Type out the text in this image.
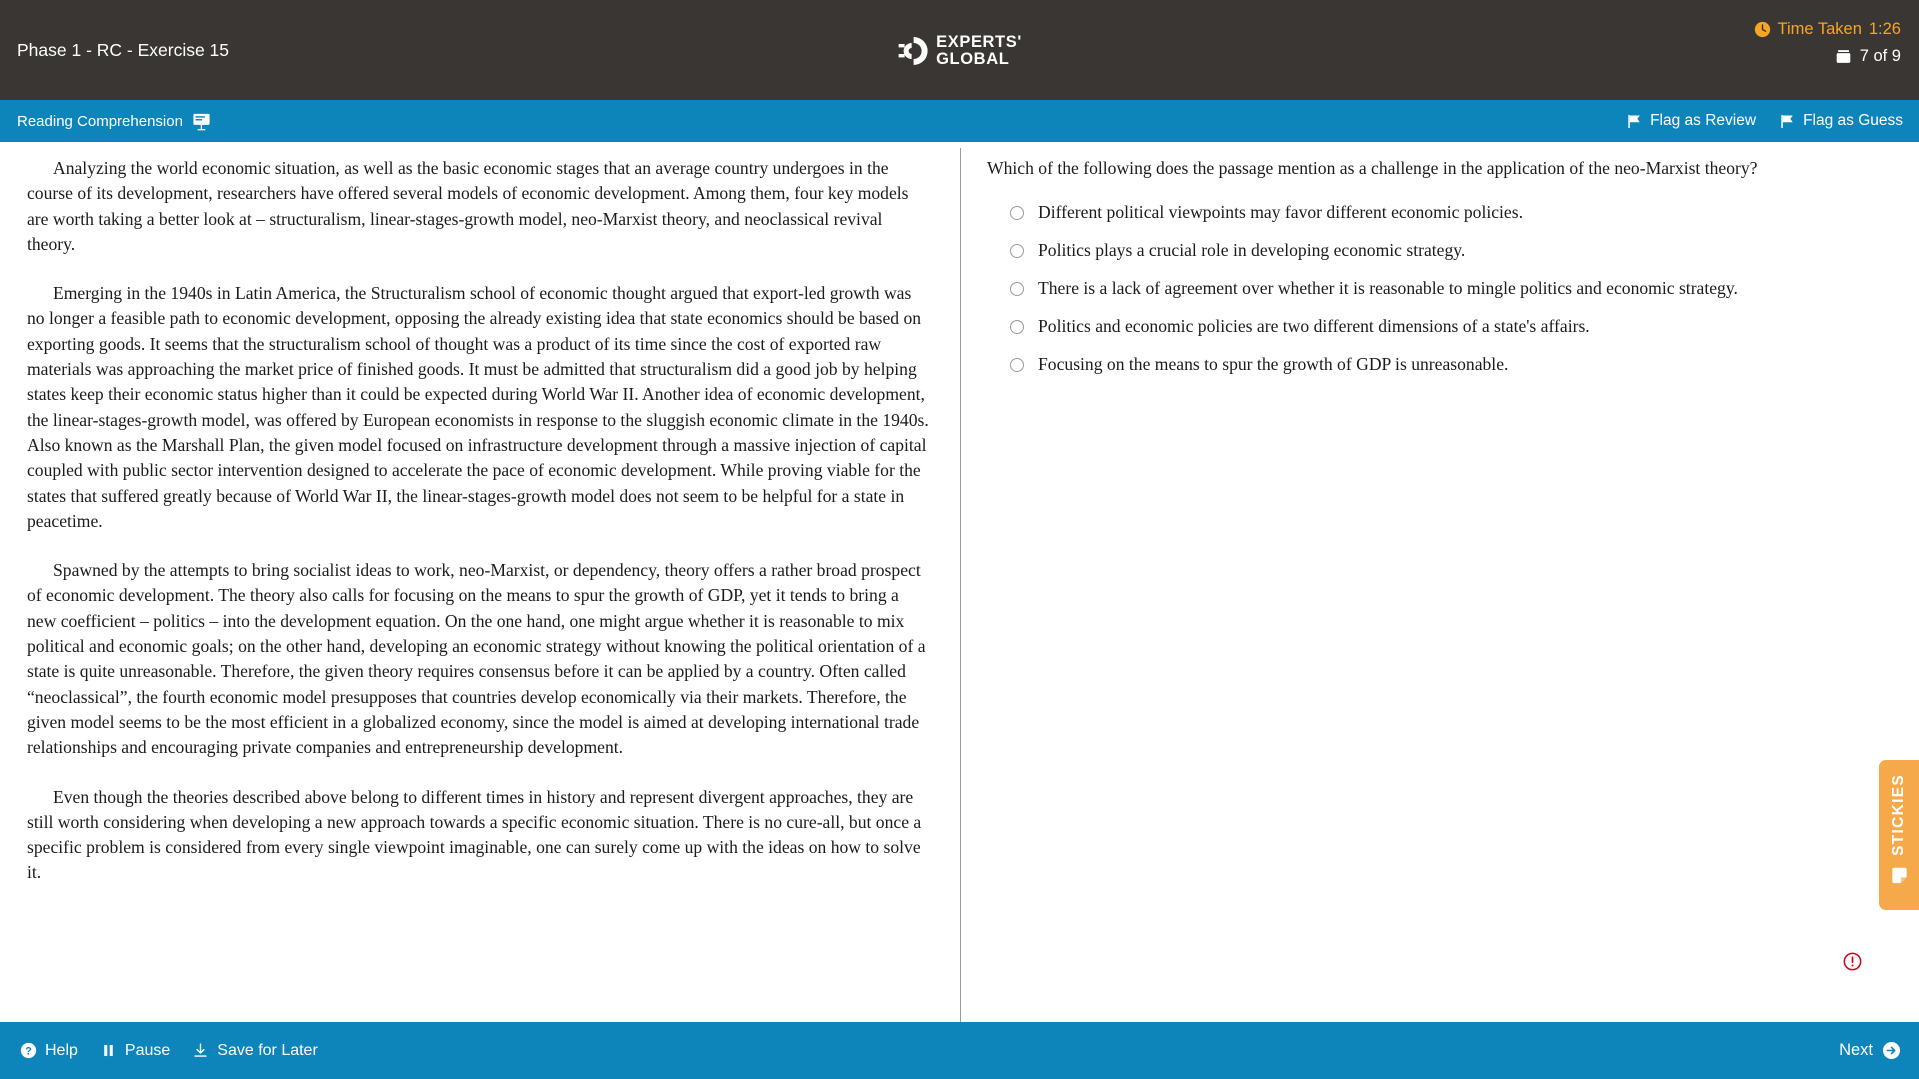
Phase 1 - RC - Exercise 15	EXPERTS'
GLOBAL
Time Taken 1:26
7 of 9
Reading Comprehension	Flag as Review	Flag as Guess

Analyzing the world economic situation, as well as the basic economic stages that an average country undergoes in the course of its development, researchers have offered several models of economic development. Among them, four key models are worth taking a better look at – structuralism, linear-stages-growth model, neo-Marxist theory, and neoclassical revival theory.

Emerging in the 1940s in Latin America, the Structuralism school of economic thought argued that export-led growth was no longer a feasible path to economic development, opposing the already existing idea that state economics should be based on exporting goods. It seems that the structuralism school of thought was a product of its time since the cost of exported raw materials was approaching the market price of finished goods. It must be admitted that structuralism did a good job by helping states keep their economic status higher than it could be expected during World War II. Another idea of economic development, the linear-stages-growth model, was offered by European economists in response to the sluggish economic climate in the 1940s. Also known as the Marshall Plan, the given model focused on infrastructure development through a massive injection of capital coupled with public sector intervention designed to accelerate the pace of economic development. While proving viable for the states that suffered greatly because of World War II, the linear-stages-growth model does not seem to be helpful for a state in peacetime.

Spawned by the attempts to bring socialist ideas to work, neo-Marxist, or dependency, theory offers a rather broad prospect of economic development. The theory also calls for focusing on the means to spur the growth of GDP, yet it tends to bring a new coefficient – politics – into the development equation. On the one hand, one might argue whether it is reasonable to mix political and economic goals; on the other hand, developing an economic strategy without knowing the political orientation of a state is quite unreasonable. Therefore, the given theory requires consensus before it can be applied by a country. Often called “neoclassical”, the fourth economic model presupposes that countries develop economically via their markets. Therefore, the given model seems to be the most efficient in a globalized economy, since the model is aimed at developing international trade relationships and encouraging private companies and entrepreneurship development.

Even though the theories described above belong to different times in history and represent divergent approaches, they are still worth considering when developing a new approach towards a specific economic situation. There is no cure-all, but once a specific problem is considered from every single viewpoint imaginable, one can surely come up with the ideas on how to solve it.

Which of the following does the passage mention as a challenge in the application of the neo-Marxist theory?
Different political viewpoints may favor different economic policies.
Politics plays a crucial role in developing economic strategy.
There is a lack of agreement over whether it is reasonable to mingle politics and economic strategy.
Politics and economic policies are two different dimensions of a state's affairs.
Focusing on the means to spur the growth of GDP is unreasonable.
STICKIES
? Help	Pause	Save for Later	Next
